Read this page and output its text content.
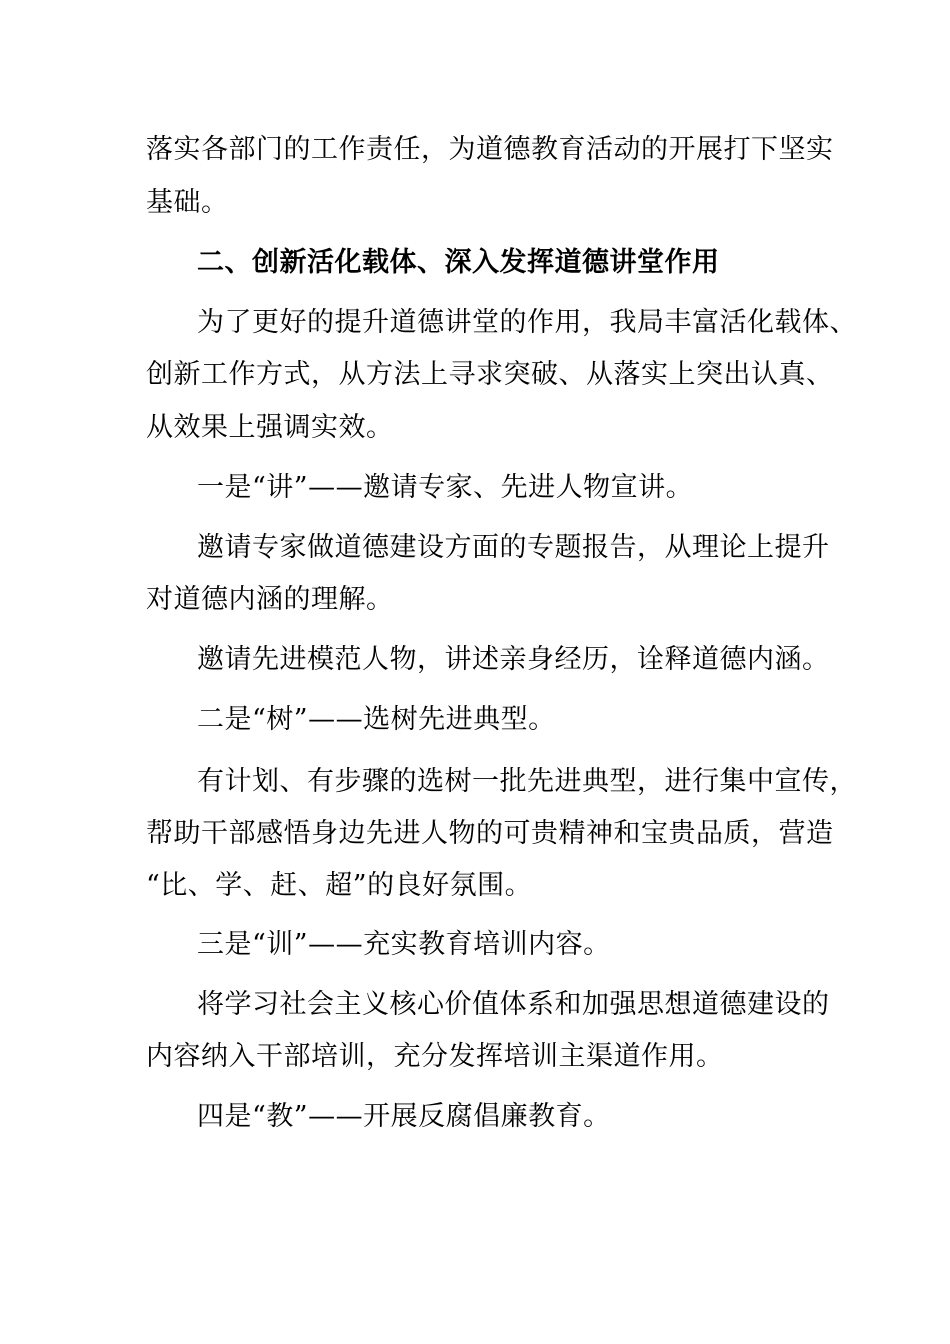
落实各部门的工作责任，为道德教育活动的开展打下坚实
基础。
二、创新活化载体、深入发挥道德讲堂作用
为了更好的提升道德讲堂的作用，我局丰富活化载体、
创新工作方式，从方法上寻求突破、从落实上突出认真、
从效果上强调实效。
一是“讲”——邀请专家、先进人物宣讲。
邀请专家做道德建设方面的专题报告，从理论上提升
对道德内涵的理解。
邀请先进模范人物，讲述亲身经历，诠释道德内涵。
二是“树”——选树先进典型。
有计划、有步骤的选树一批先进典型，进行集中宣传，
帮助干部感悟身边先进人物的可贵精神和宝贵品质，营造
“比、学、赶、超”的良好氛围。
三是“训”——充实教育培训内容。
将学习社会主义核心价值体系和加强思想道德建设的
内容纳入干部培训，充分发挥培训主渠道作用。
四是“教”——开展反腐倡廉教育。
